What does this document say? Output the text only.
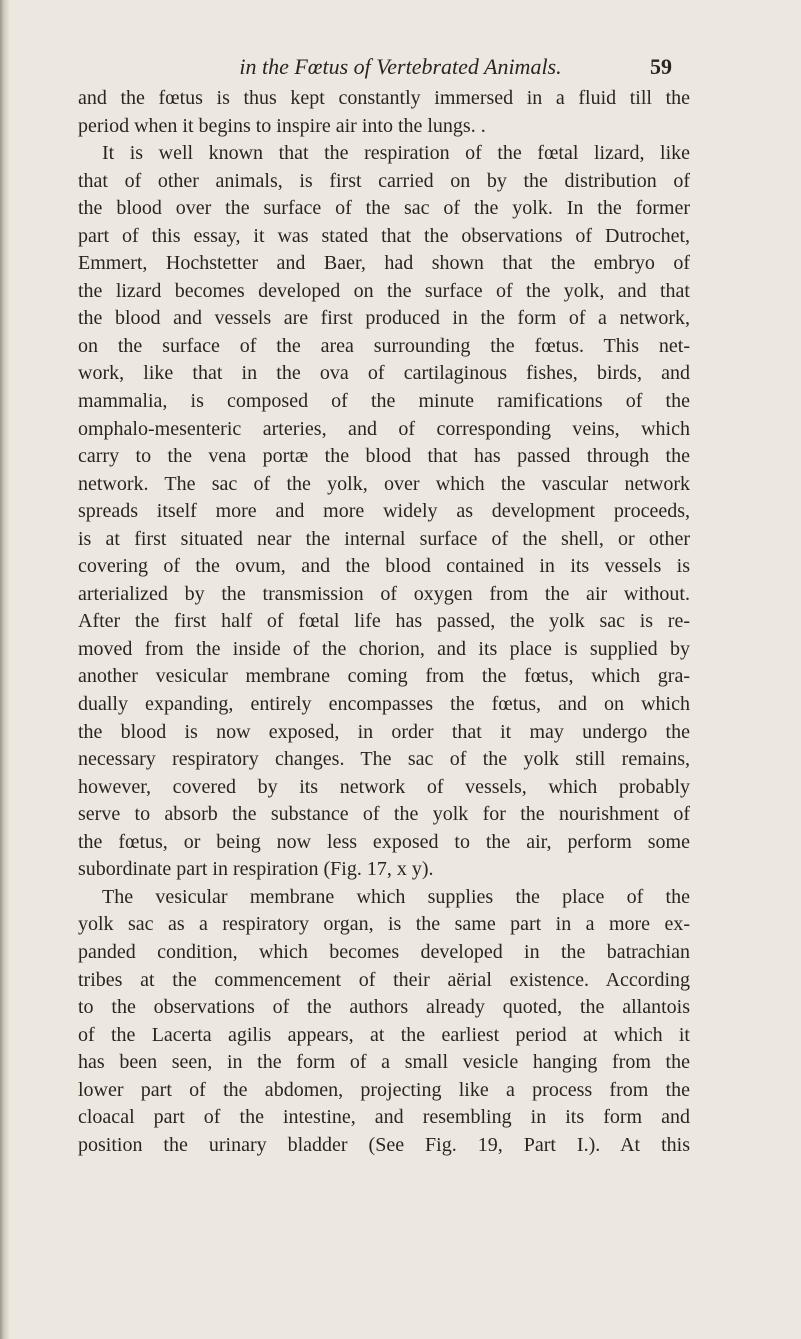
in the Fœtus of Vertebrated Animals.	59
and the fœtus is thus kept constantly immersed in a fluid till the
period when it begins to inspire air into the lungs. .
It is well known that the respiration of the fœtal lizard, like
that of other animals, is first carried on by the distribution of
the blood over the surface of the sac of the yolk. In the former
part of this essay, it was stated that the observations of Dutrochet,
Emmert, Hochstetter and Baer, had shown that the embryo of
the lizard becomes developed on the surface of the yolk, and that
the blood and vessels are first produced in the form of a network,
on the surface of the area surrounding the fœtus. This net-
work, like that in the ova of cartilaginous fishes, birds, and
mammalia, is composed of the minute ramifications of the
omphalo-mesenteric arteries, and of corresponding veins, which
carry to the vena portæ the blood that has passed through the
network. The sac of the yolk, over which the vascular network
spreads itself more and more widely as development proceeds,
is at first situated near the internal surface of the shell, or other
covering of the ovum, and the blood contained in its vessels is
arterialized by the transmission of oxygen from the air without.
After the first half of fœtal life has passed, the yolk sac is re-
moved from the inside of the chorion, and its place is supplied by
another vesicular membrane coming from the fœtus, which gra-
dually expanding, entirely encompasses the fœtus, and on which
the blood is now exposed, in order that it may undergo the
necessary respiratory changes. The sac of the yolk still remains,
however, covered by its network of vessels, which probably
serve to absorb the substance of the yolk for the nourishment of
the fœtus, or being now less exposed to the air, perform some
subordinate part in respiration (Fig. 17, x y).
The vesicular membrane which supplies the place of the
yolk sac as a respiratory organ, is the same part in a more ex-
panded condition, which becomes developed in the batrachian
tribes at the commencement of their aërial existence. According
to the observations of the authors already quoted, the allantois
of the Lacerta agilis appears, at the earliest period at which it
has been seen, in the form of a small vesicle hanging from the
lower part of the abdomen, projecting like a process from the
cloacal part of the intestine, and resembling in its form and
position the urinary bladder (See Fig. 19, Part I.). At this
